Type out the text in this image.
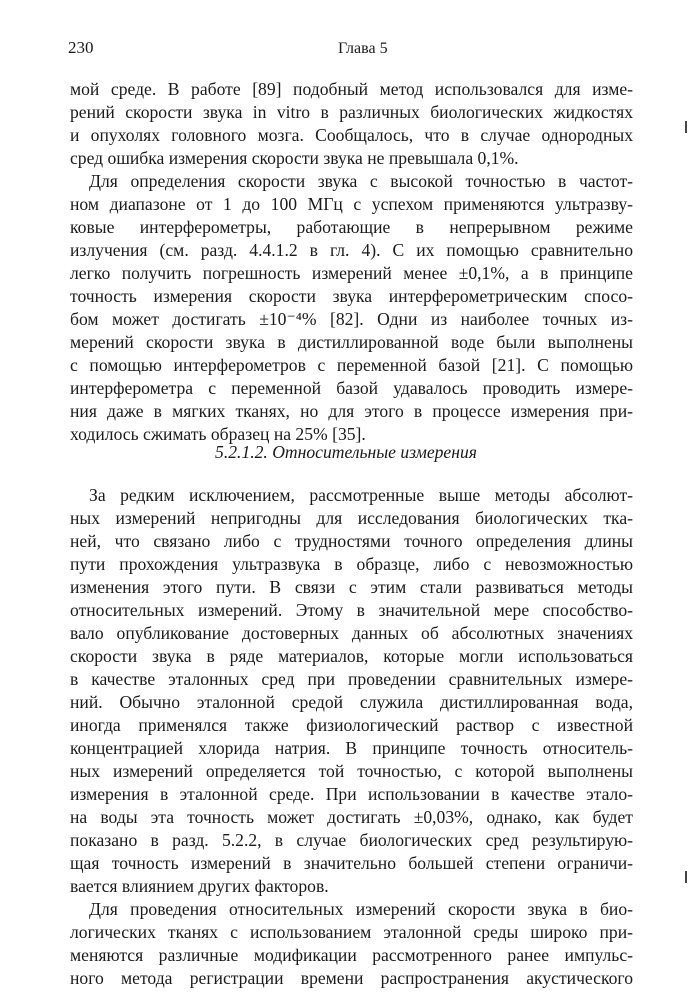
230	Глава 5
мой среде. В работе [89] подобный метод использовался для изме-
рений скорости звука in vitro в различных биологических жидкостях
и опухолях головного мозга. Сообщалось, что в случае однородных
сред ошибка измерения скорости звука не превышала 0,1%.
Для определения скорости звука с высокой точностью в частот-
ном диапазоне от 1 до 100 МГц с успехом применяются ультразву-
ковые интерферометры, работающие в непрерывном режиме
излучения (см. разд. 4.4.1.2 в гл. 4). С их помощью сравнительно
легко получить погрешность измерений менее ±0,1%, а в принципе
точность измерения скорости звука интерферометрическим спосо-
бом может достигать ±10⁻⁴% [82]. Одни из наиболее точных из-
мерений скорости звука в дистиллированной воде были выполнены
с помощью интерферометров с переменной базой [21]. С помощью
интерферометра с переменной базой удавалось проводить измере-
ния даже в мягких тканях, но для этого в процессе измерения при-
ходилось сжимать образец на 25% [35].
За редким исключением, рассмотренные выше методы абсолют-
ных измерений непригодны для исследования биологических тка-
ней, что связано либо с трудностями точного определения длины
пути прохождения ультразвука в образце, либо с невозможностью
изменения этого пути. В связи с этим стали развиваться методы
относительных измерений. Этому в значительной мере способство-
вало опубликование достоверных данных об абсолютных значениях
скорости звука в ряде материалов, которые могли использоваться
в качестве эталонных сред при проведении сравнительных измере-
ний. Обычно эталонной средой служила дистиллированная вода,
иногда применялся также физиологический раствор с известной
концентрацией хлорида натрия. В принципе точность относитель-
ных измерений определяется той точностью, с которой выполнены
измерения в эталонной среде. При использовании в качестве этало-
на воды эта точность может достигать ±0,03%, однако, как будет
показано в разд. 5.2.2, в случае биологических сред результирую-
щая точность измерений в значительно большей степени ограничи-
вается влиянием других факторов.
Для проведения относительных измерений скорости звука в био-
логических тканях с использованием эталонной среды широко при-
меняются различные модификации рассмотренного ранее импульс-
ного метода регистрации времени распространения акустического
5.2.1.2. Относительные измерения
